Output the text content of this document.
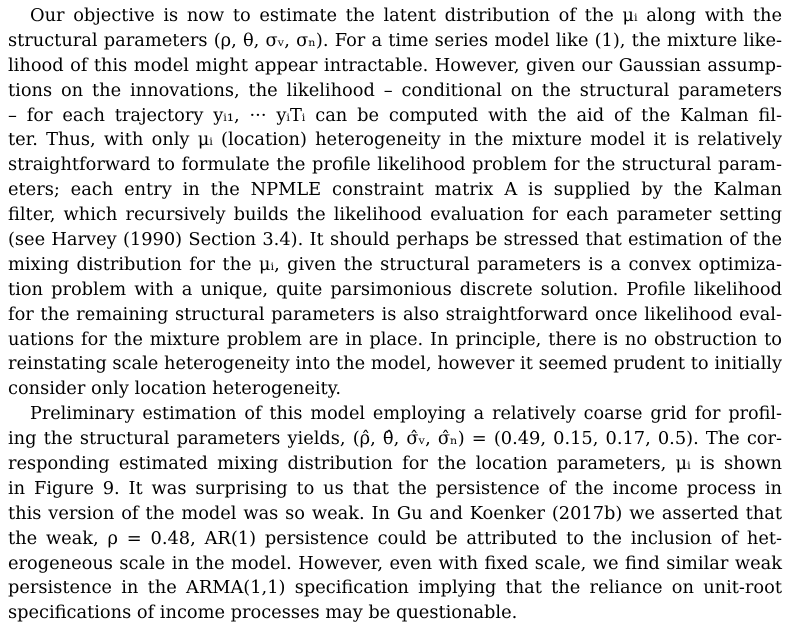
Our objective is now to estimate the latent distribution of the μᵢ along with the
structural parameters (ρ, θ, σᵥ, σₙ). For a time series model like (1), the mixture like-
lihood of this model might appear intractable. However, given our Gaussian assump-
tions on the innovations, the likelihood – conditional on the structural parameters
– for each trajectory yᵢ₁, ··· yᵢTᵢ can be computed with the aid of the Kalman fil-
ter. Thus, with only μᵢ (location) heterogeneity in the mixture model it is relatively
straightforward to formulate the profile likelihood problem for the structural param-
eters; each entry in the NPMLE constraint matrix A is supplied by the Kalman
filter, which recursively builds the likelihood evaluation for each parameter setting
(see Harvey (1990) Section 3.4). It should perhaps be stressed that estimation of the
mixing distribution for the μᵢ, given the structural parameters is a convex optimiza-
tion problem with a unique, quite parsimonious discrete solution. Profile likelihood
for the remaining structural parameters is also straightforward once likelihood eval-
uations for the mixture problem are in place. In principle, there is no obstruction to
reinstating scale heterogeneity into the model, however it seemed prudent to initially
consider only location heterogeneity.
Preliminary estimation of this model employing a relatively coarse grid for profil-
ing the structural parameters yields, (ρ̂, θ̂, σ̂ᵥ, σ̂ₙ) = (0.49, 0.15, 0.17, 0.5). The cor-
responding estimated mixing distribution for the location parameters, μᵢ is shown
in Figure 9. It was surprising to us that the persistence of the income process in
this version of the model was so weak. In Gu and Koenker (2017b) we asserted that
the weak, ρ = 0.48, AR(1) persistence could be attributed to the inclusion of het-
erogeneous scale in the model. However, even with fixed scale, we find similar weak
persistence in the ARMA(1,1) specification implying that the reliance on unit-root
specifications of income processes may be questionable.
